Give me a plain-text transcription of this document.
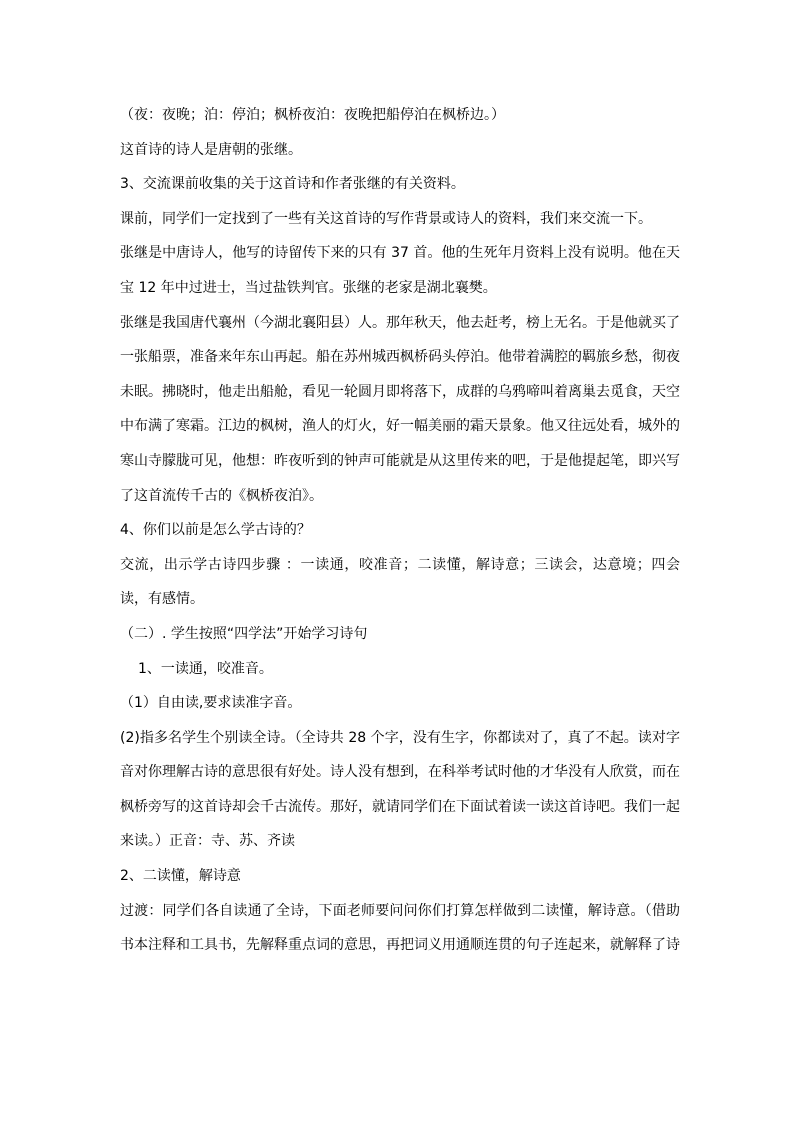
（夜：夜晚；泊：停泊；枫桥夜泊：夜晚把船停泊在枫桥边。）

这首诗的诗人是唐朝的张继。

3、交流课前收集的关于这首诗和作者张继的有关资料。

课前，同学们一定找到了一些有关这首诗的写作背景或诗人的资料，我们来交流一下。

张继是中唐诗人，他写的诗留传下来的只有 37 首。他的生死年月资料上没有说明。他在天宝 12 年中过进士，当过盐铁判官。张继的老家是湖北襄樊。

张继是我国唐代襄州（今湖北襄阳县）人。那年秋天，他去赶考，榜上无名。于是他就买了一张船票，准备来年东山再起。船在苏州城西枫桥码头停泊。他带着满腔的羁旅乡愁，彻夜未眠。拂晓时，他走出船舱，看见一轮圆月即将落下，成群的乌鸦啼叫着离巢去觅食，天空中布满了寒霜。江边的枫树，渔人的灯火，好一幅美丽的霜天景象。他又往远处看，城外的寒山寺朦胧可见，他想：昨夜听到的钟声可能就是从这里传来的吧，于是他提起笔，即兴写了这首流传千古的《枫桥夜泊》。

4、你们以前是怎么学古诗的？

交流，出示学古诗四步骤 ：一读通，咬准音；二读懂，解诗意；三读会，达意境；四会读，有感情。

（二）. 学生按照“四学法”开始学习诗句

1、一读通，咬准音。

（1）自由读,要求读准字音。

(2)指多名学生个别读全诗。（全诗共 28 个字，没有生字，你都读对了，真了不起。读对字音对你理解古诗的意思很有好处。诗人没有想到，在科举考试时他的才华没有人欣赏，而在枫桥旁写的这首诗却会千古流传。那好，就请同学们在下面试着读一读这首诗吧。我们一起来读。）正音：寺、苏、齐读

2、二读懂，解诗意

过渡：同学们各自读通了全诗，下面老师要问问你们打算怎样做到二读懂，解诗意。（借助书本注释和工具书，先解释重点词的意思，再把词义用通顺连贯的句子连起来，就解释了诗
